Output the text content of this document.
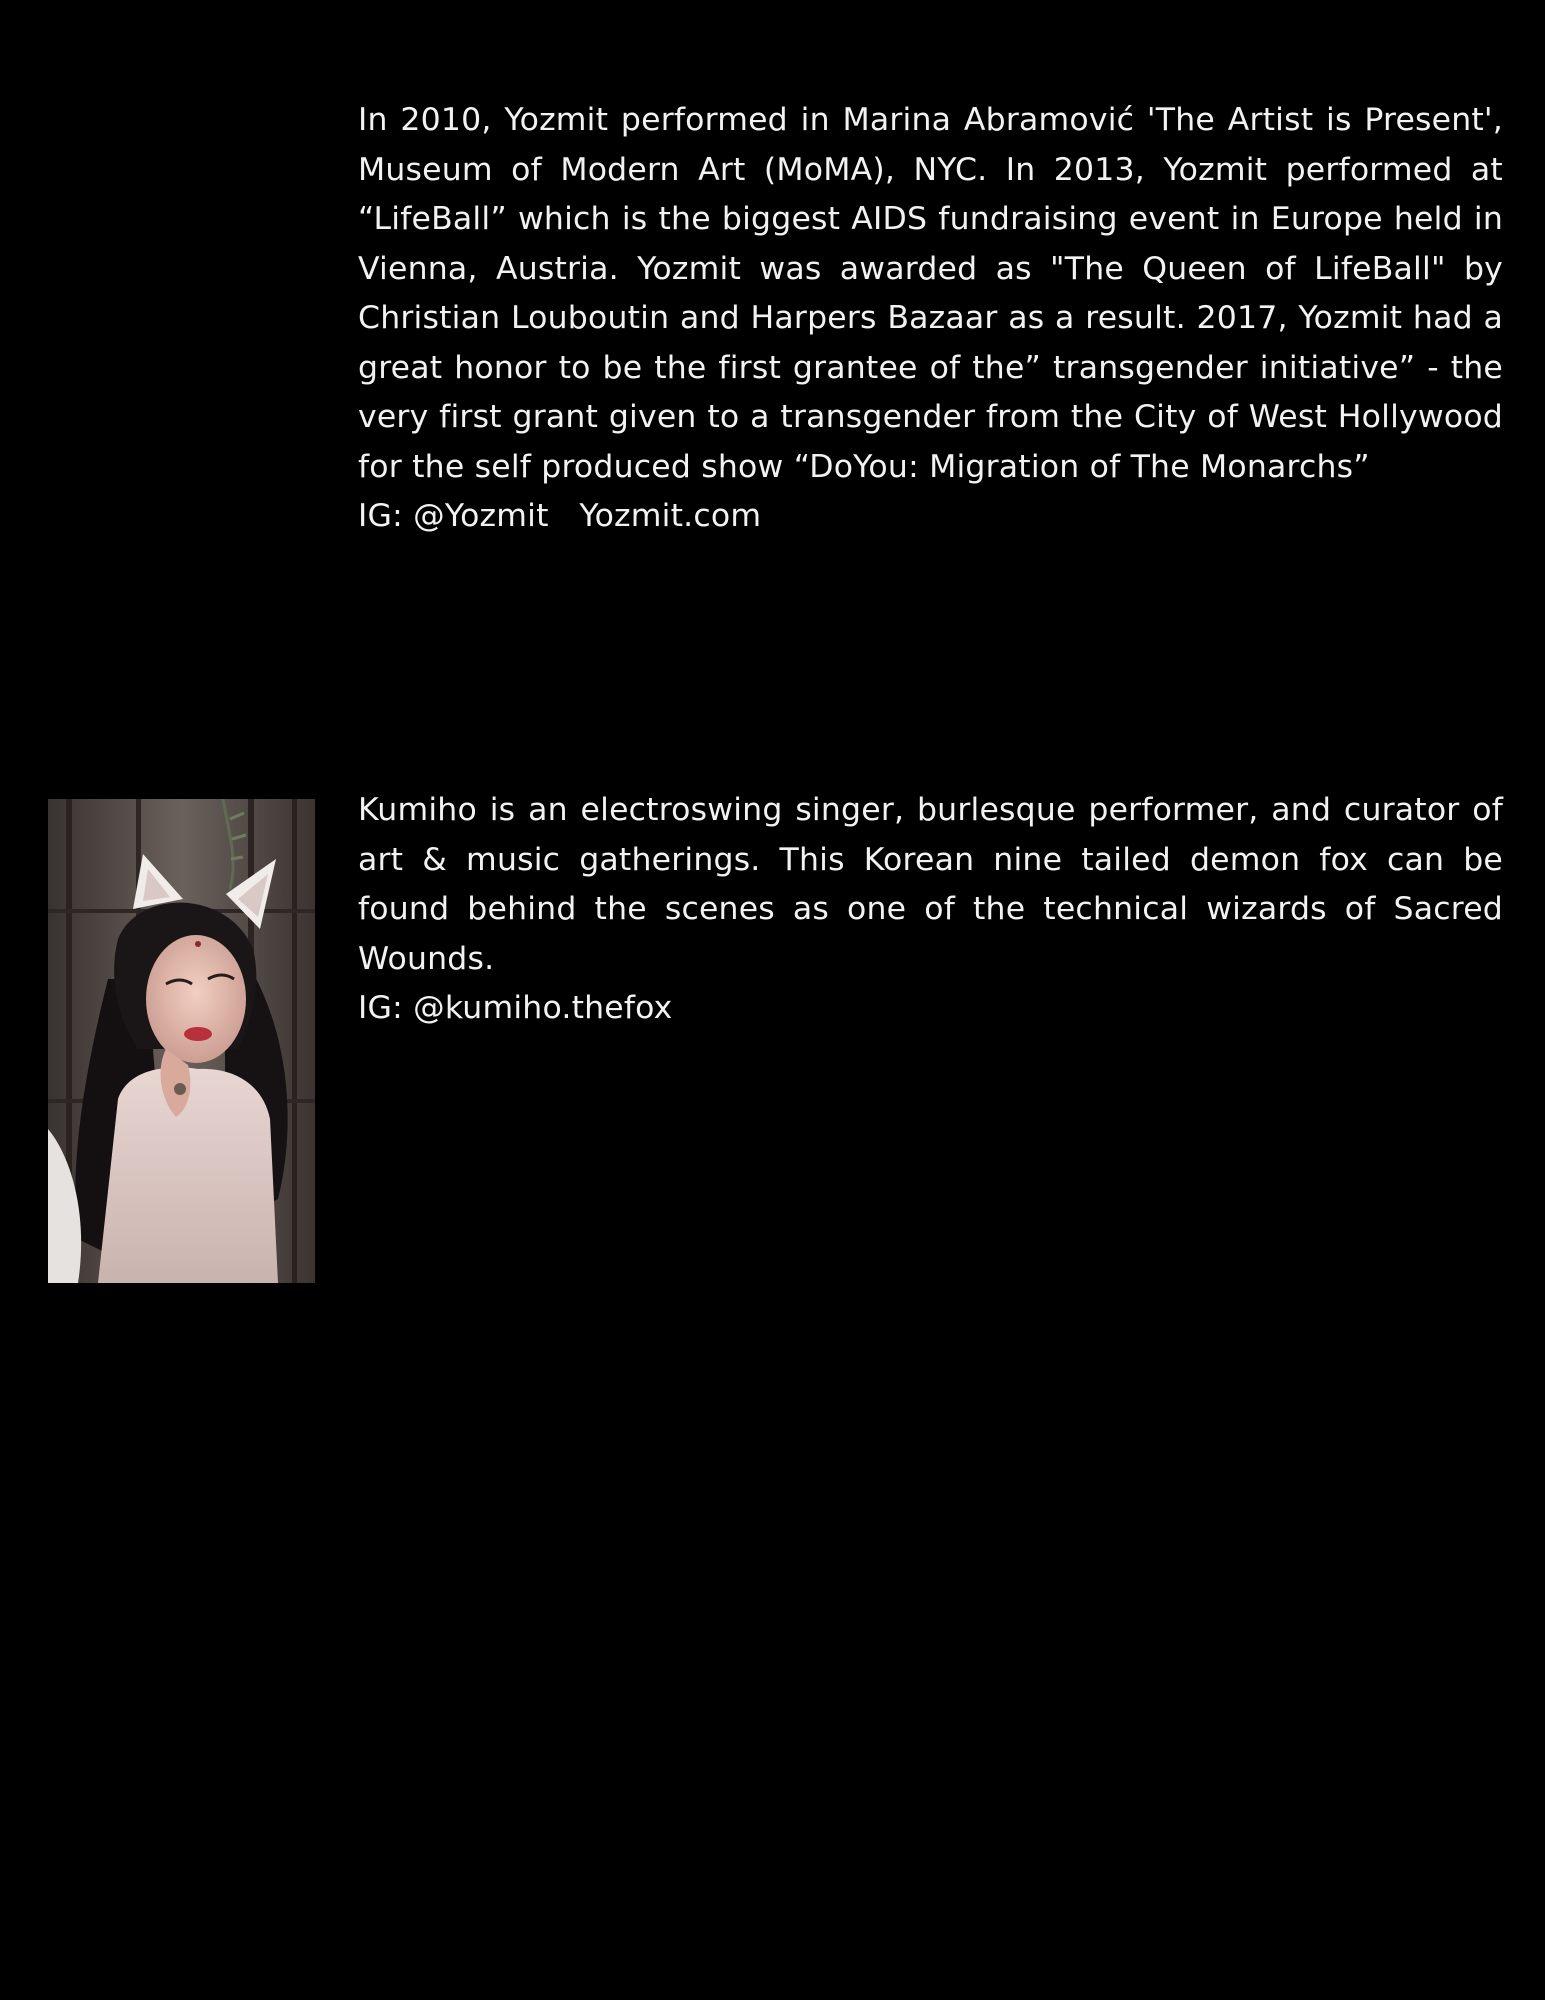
In 2010, Yozmit performed in Marina Abramović 'The Artist is Present', Museum of Modern Art (MoMA), NYC. In 2013, Yozmit performed at “LifeBall” which is the biggest AIDS fundraising event in Europe held in Vienna, Austria. Yozmit was awarded as "The Queen of LifeBall" by Christian Louboutin and Harpers Bazaar as a result. 2017, Yozmit had a great honor to be the first grantee of the” transgender initiative” - the very first grant given to a transgender from the City of West Hollywood for the self produced show “DoYou: Migration of The Monarchs”

IG: @Yozmit   Yozmit.com

Kumiho is an electroswing singer, burlesque performer, and curator of art & music gatherings. This Korean nine tailed demon fox can be found behind the scenes as one of the technical wizards of Sacred Wounds.

IG: @kumiho.thefox
